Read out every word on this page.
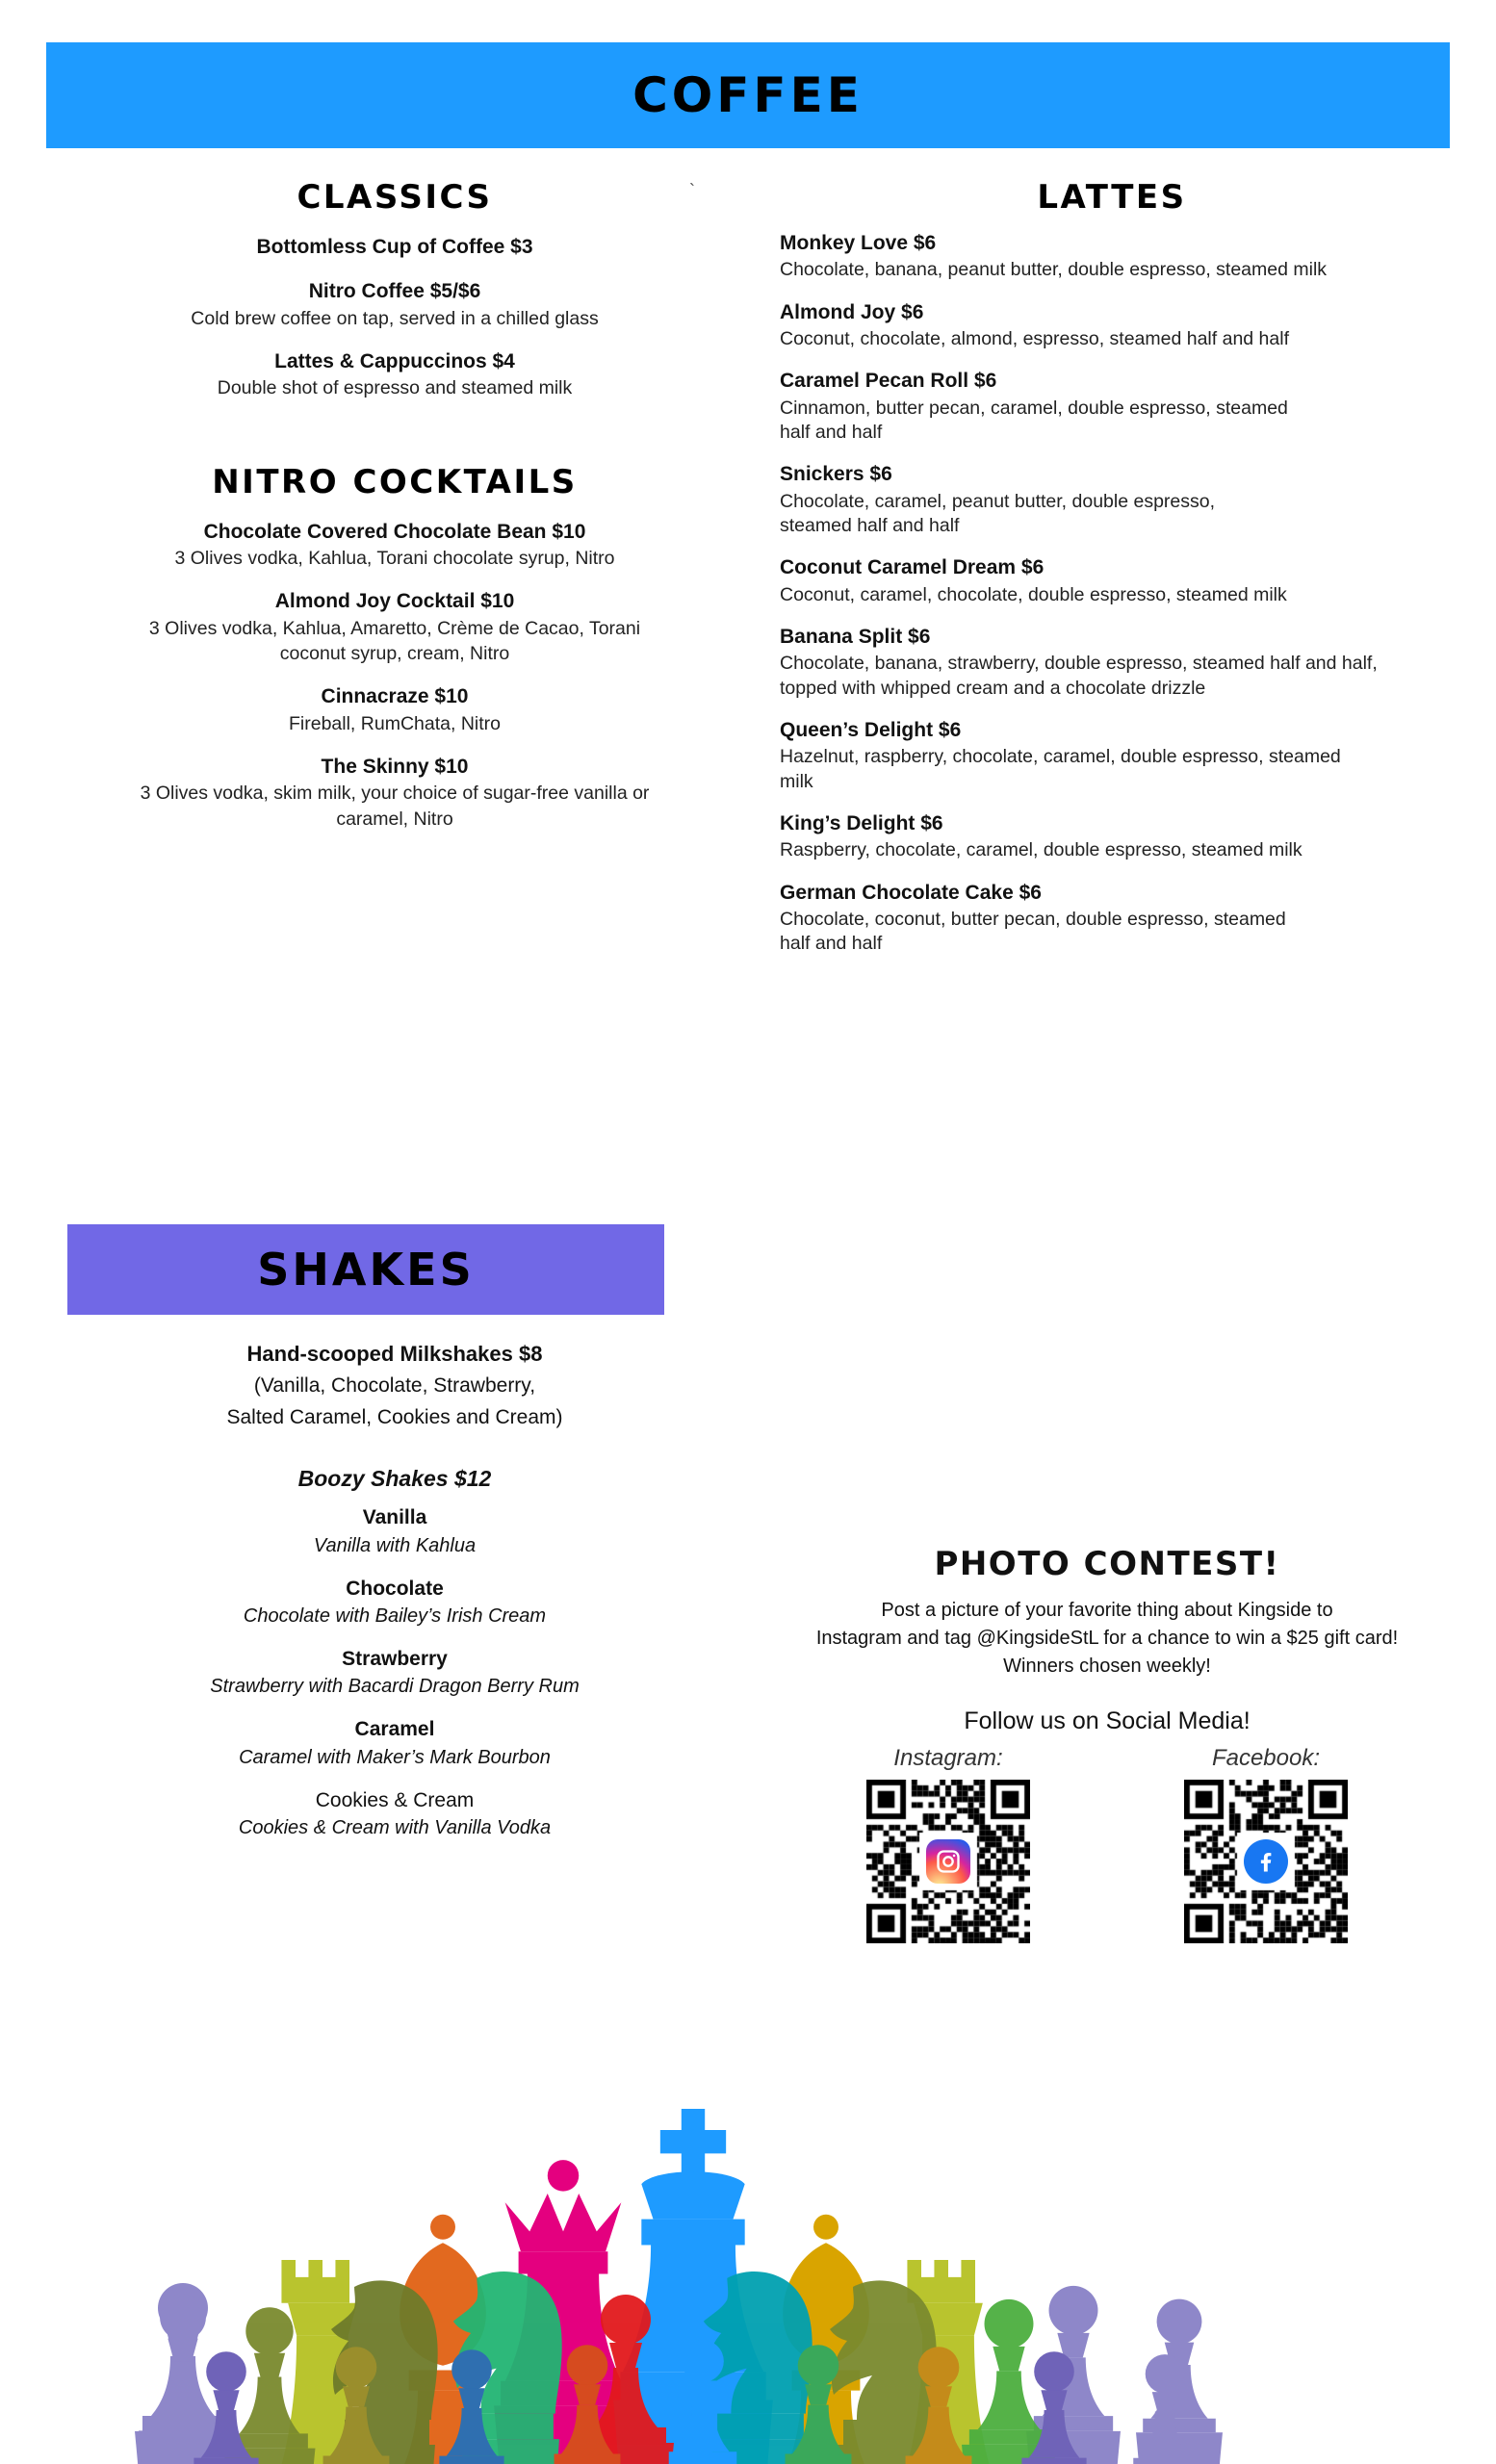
COFFEE
`
CLASSICS
Bottomless Cup of Coffee $3
Nitro Coffee $5/$6
Cold brew coffee on tap, served in a chilled glass
Lattes & Cappuccinos $4
Double shot of espresso and steamed milk
NITRO COCKTAILS
Chocolate Covered Chocolate Bean $10
3 Olives vodka, Kahlua, Torani chocolate syrup, Nitro
Almond Joy Cocktail $10
3 Olives vodka, Kahlua, Amaretto, Crème de Cacao, Torani coconut syrup, cream, Nitro
Cinnacraze $10
Fireball, RumChata, Nitro
The Skinny $10
3 Olives vodka, skim milk, your choice of sugar-free vanilla or caramel, Nitro
LATTES
Monkey Love $6
Chocolate, banana, peanut butter, double espresso, steamed milk
Almond Joy $6
Coconut, chocolate, almond, espresso, steamed half and half
Caramel Pecan Roll $6
Cinnamon, butter pecan, caramel, double espresso, steamed half and half
Snickers $6
Chocolate, caramel, peanut butter, double espresso, steamed half and half
Coconut Caramel Dream $6
Coconut, caramel, chocolate, double espresso, steamed milk
Banana Split $6
Chocolate, banana, strawberry, double espresso, steamed half and half, topped with whipped cream and a chocolate drizzle
Queen’s Delight $6
Hazelnut, raspberry, chocolate, caramel, double espresso, steamed milk
King’s Delight $6
Raspberry, chocolate, caramel, double espresso, steamed milk
German Chocolate Cake $6
Chocolate, coconut, butter pecan, double espresso, steamed half and half
SHAKES
Hand-scooped Milkshakes $8
(Vanilla, Chocolate, Strawberry,
Salted Caramel, Cookies and Cream)
Boozy Shakes $12
Vanilla
Vanilla with Kahlua
Chocolate
Chocolate with Bailey’s Irish Cream
Strawberry
Strawberry with Bacardi Dragon Berry Rum
Caramel
Caramel with Maker’s Mark Bourbon
Cookies & Cream
Cookies & Cream with Vanilla Vodka
PHOTO CONTEST!
Post a picture of your favorite thing about Kingside to
Instagram and tag @KingsideStL for a chance to win a $25 gift card!
Winners chosen weekly!
Follow us on Social Media!
Instagram:	Facebook:
